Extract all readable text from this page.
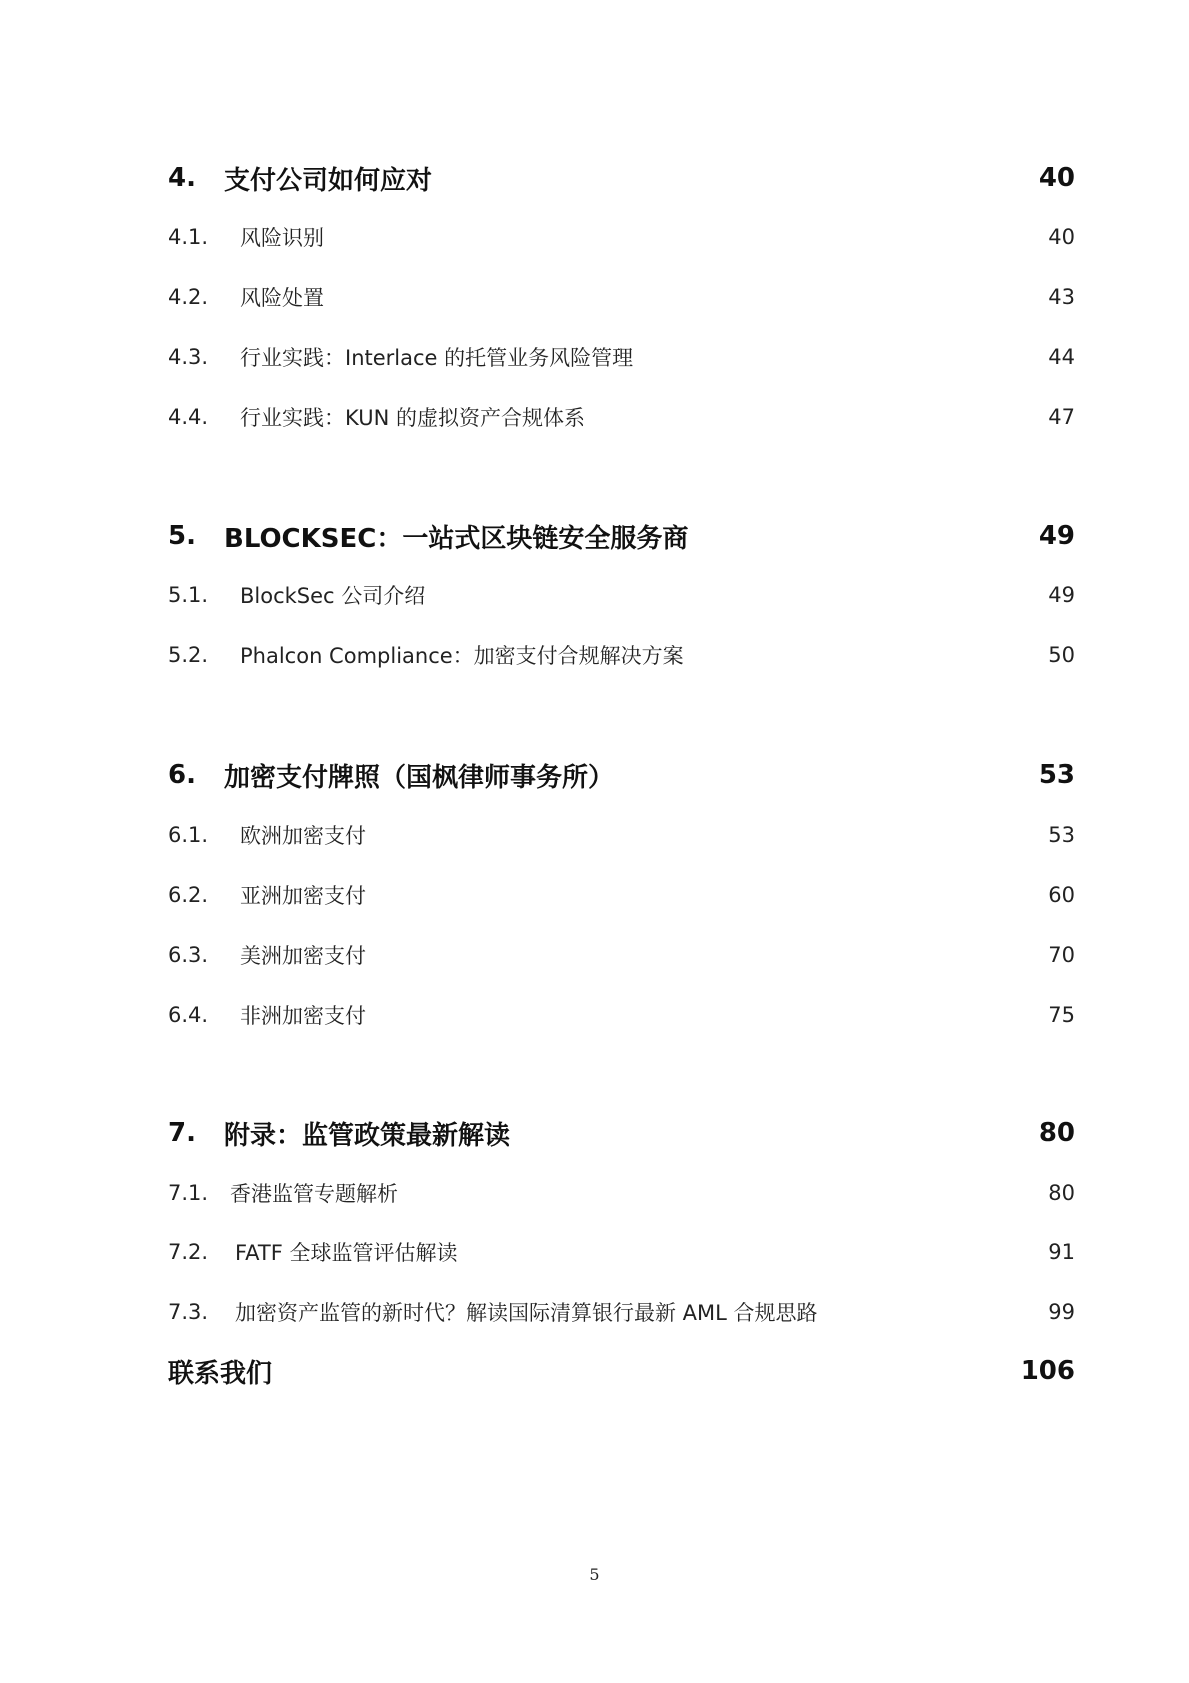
4.	支付公司如何应对	40
4.1.	风险识别	40
4.2.	风险处置	43
4.3.	行业实践：Interlace 的托管业务风险管理	44
4.4.	行业实践：KUN 的虚拟资产合规体系	47
5.	BLOCKSEC：一站式区块链安全服务商	49
5.1.	BlockSec 公司介绍	49
5.2.	Phalcon Compliance：加密支付合规解决方案	50
6.	加密支付牌照（国枫律师事务所）	53
6.1.	欧洲加密支付	53
6.2.	亚洲加密支付	60
6.3.	美洲加密支付	70
6.4.	非洲加密支付	75
7.	附录：监管政策最新解读	80
7.1.	香港监管专题解析	80
7.2.	FATF 全球监管评估解读	91
7.3.	加密资产监管的新时代？解读国际清算银行最新 AML 合规思路	99
联系我们	106
5
